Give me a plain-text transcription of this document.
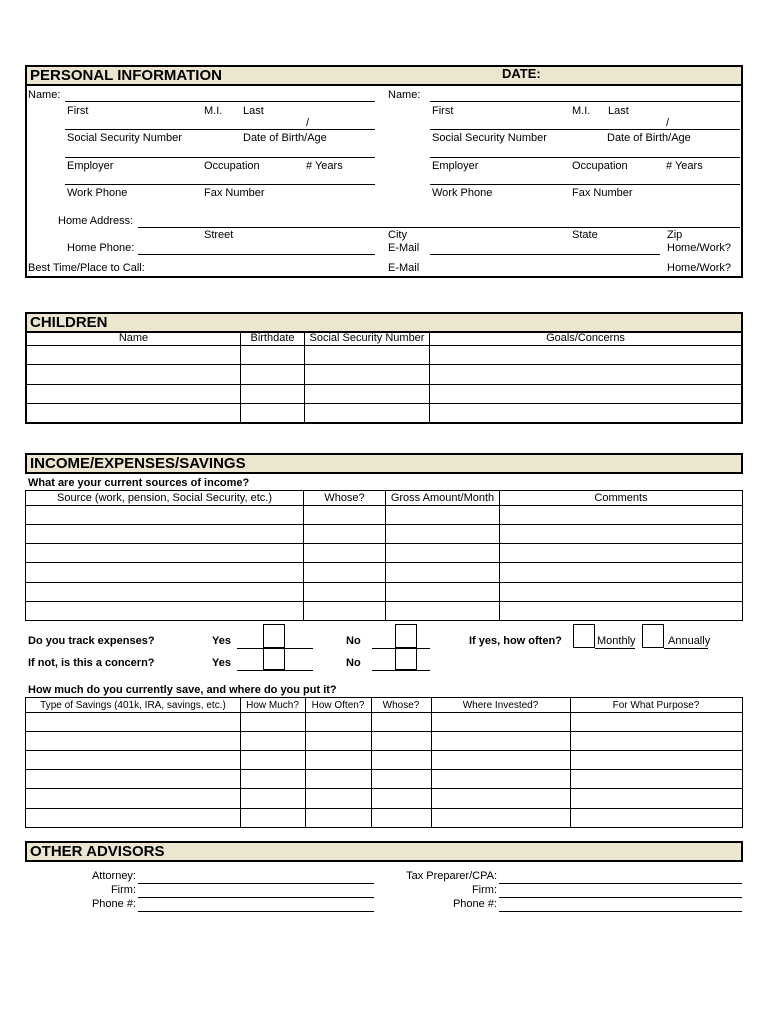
PERSONAL INFORMATION	DATE:
Name:
First	M.I. Last
/
Social Security Number	Date of Birth/Age
Employer	Occupation	# Years
Work Phone	Fax Number
Name:
First	M.I. Last
/
Social Security Number	Date of Birth/Age
Employer	Occupation	# Years
Work Phone	Fax Number
Home Address:
Street	City	State	Zip
Home Phone:	E-Mail	Home/Work?
Best Time/Place to Call:	E-Mail	Home/Work?
CHILDREN
Name	Birthdate	Social Security Number	Goals/Concerns
INCOME/EXPENSES/SAVINGS
What are your current sources of income?
Source (work, pension, Social Security, etc.)	Whose?	Gross Amount/Month	Comments
Do you track expenses?	Yes	No	If yes, how often?	Monthly	Annually
If not, is this a concern?	Yes	No
How much do you currently save, and where do you put it?
Type of Savings (401k, IRA, savings, etc.)	How Much?	How Often?	Whose?	Where Invested?	For What Purpose?
OTHER ADVISORS
Attorney:
Firm:
Phone #:
Tax Preparer/CPA:
Firm:
Phone #:
